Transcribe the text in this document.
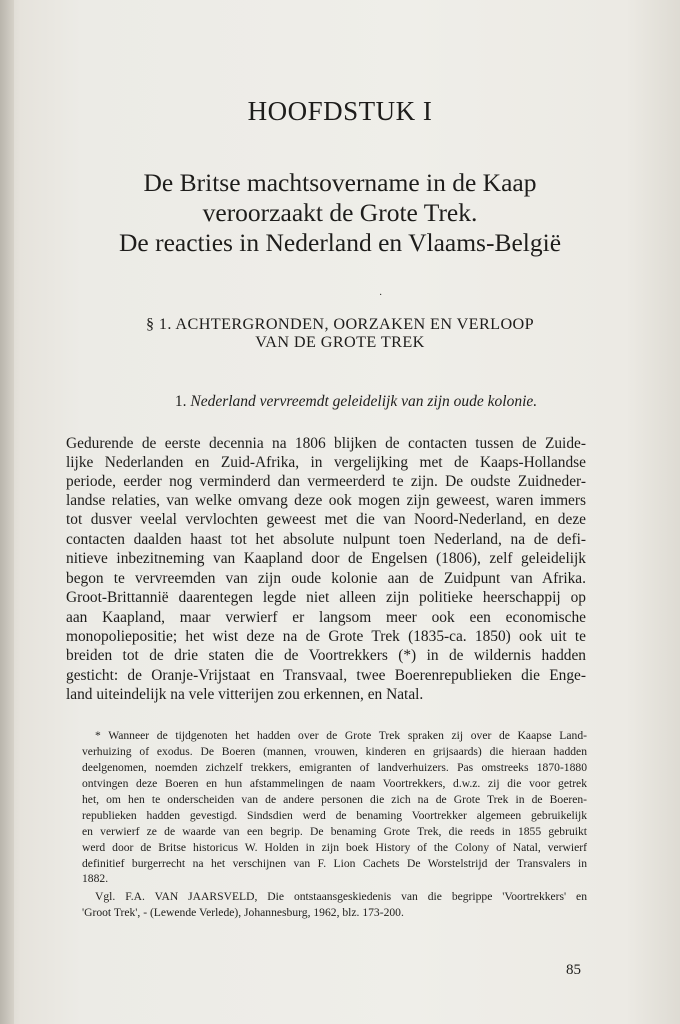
HOOFDSTUK I
De Britse machtsovername in de Kaap
veroorzaakt de Grote Trek.
De reacties in Nederland en Vlaams-België
·
§ 1. ACHTERGRONDEN, OORZAKEN EN VERLOOP
VAN DE GROTE TREK
1. Nederland vervreemdt geleidelijk van zijn oude kolonie.
Gedurende de eerste decennia na 1806 blijken de contacten tussen de Zuide-
lijke Nederlanden en Zuid-Afrika, in vergelijking met de Kaaps-Hollandse
periode, eerder nog verminderd dan vermeerderd te zijn. De oudste Zuidneder-
landse relaties, van welke omvang deze ook mogen zijn geweest, waren immers
tot dusver veelal vervlochten geweest met die van Noord-Nederland, en deze
contacten daalden haast tot het absolute nulpunt toen Nederland, na de defi-
nitieve inbezitneming van Kaapland door de Engelsen (1806), zelf geleidelijk
begon te vervreemden van zijn oude kolonie aan de Zuidpunt van Afrika.
Groot-Brittannië daarentegen legde niet alleen zijn politieke heerschappij op
aan Kaapland, maar verwierf er langsom meer ook een economische
monopoliepositie; het wist deze na de Grote Trek (1835-ca. 1850) ook uit te
breiden tot de drie staten die de Voortrekkers (*) in de wildernis hadden
gesticht: de Oranje-Vrijstaat en Transvaal, twee Boerenrepublieken die Enge-
land uiteindelijk na vele vitterijen zou erkennen, en Natal.
* Wanneer de tijdgenoten het hadden over de Grote Trek spraken zij over de Kaapse Land-
verhuizing of exodus. De Boeren (mannen, vrouwen, kinderen en grijsaards) die hieraan hadden
deelgenomen, noemden zichzelf trekkers, emigranten of landverhuizers. Pas omstreeks 1870-1880
ontvingen deze Boeren en hun afstammelingen de naam Voortrekkers, d.w.z. zij die voor getrek
het, om hen te onderscheiden van de andere personen die zich na de Grote Trek in de Boeren-
republieken hadden gevestigd. Sindsdien werd de benaming Voortrekker algemeen gebruikelijk
en verwierf ze de waarde van een begrip. De benaming Grote Trek, die reeds in 1855 gebruikt
werd door de Britse historicus W. Holden in zijn boek History of the Colony of Natal, verwierf
definitief burgerrecht na het verschijnen van F. Lion Cachets De Worstelstrijd der Transvalers in
1882.
Vgl. F.A. VAN JAARSVELD, Die ontstaansgeskiedenis van die begrippe 'Voortrekkers' en
'Groot Trek', - (Lewende Verlede), Johannesburg, 1962, blz. 173-200.
85
